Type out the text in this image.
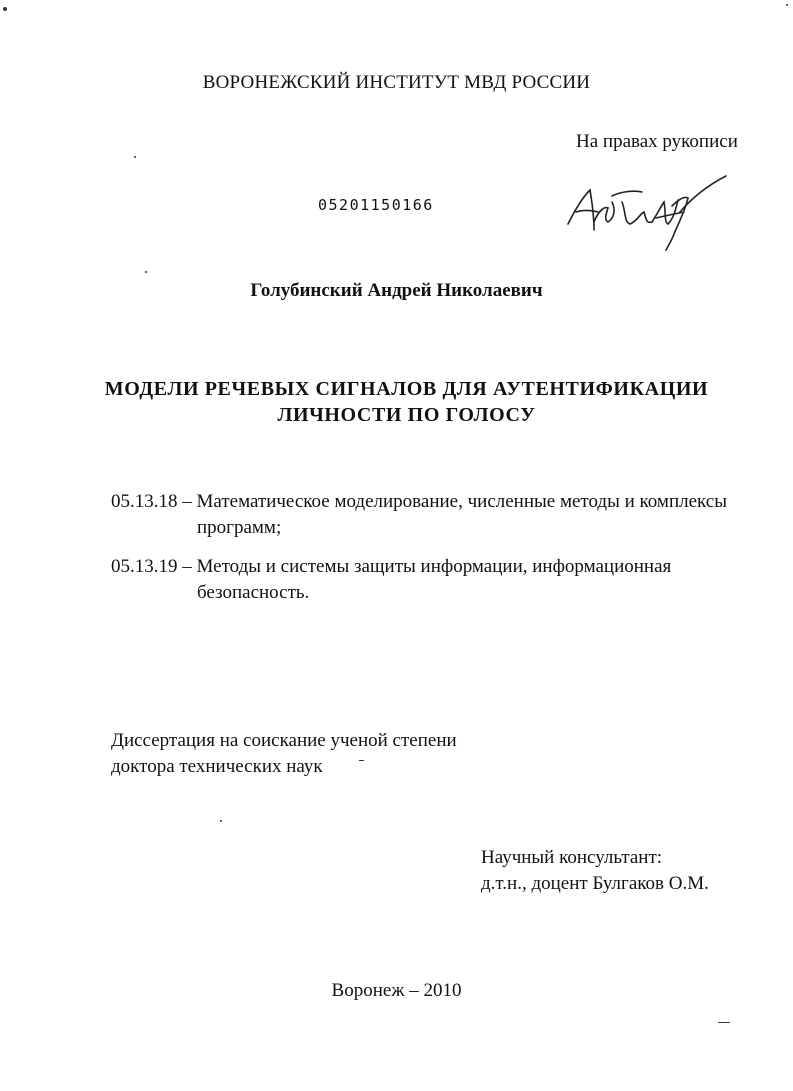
ВОРОНЕЖСКИЙ ИНСТИТУТ МВД РОССИИ
На правах рукописи
05201150166
Голубинский Андрей Николаевич
МОДЕЛИ РЕЧЕВЫХ СИГНАЛОВ ДЛЯ АУТЕНТИФИКАЦИИ
ЛИЧНОСТИ ПО ГОЛОСУ
05.13.18 – Математическое моделирование, численные методы и комплексы
программ;
05.13.19 – Методы и системы защиты информации, информационная
безопасность.
Диссертация на соискание ученой степени
доктора технических наук
Научный консультант:
д.т.н., доцент Булгаков О.М.
Воронеж – 2010
